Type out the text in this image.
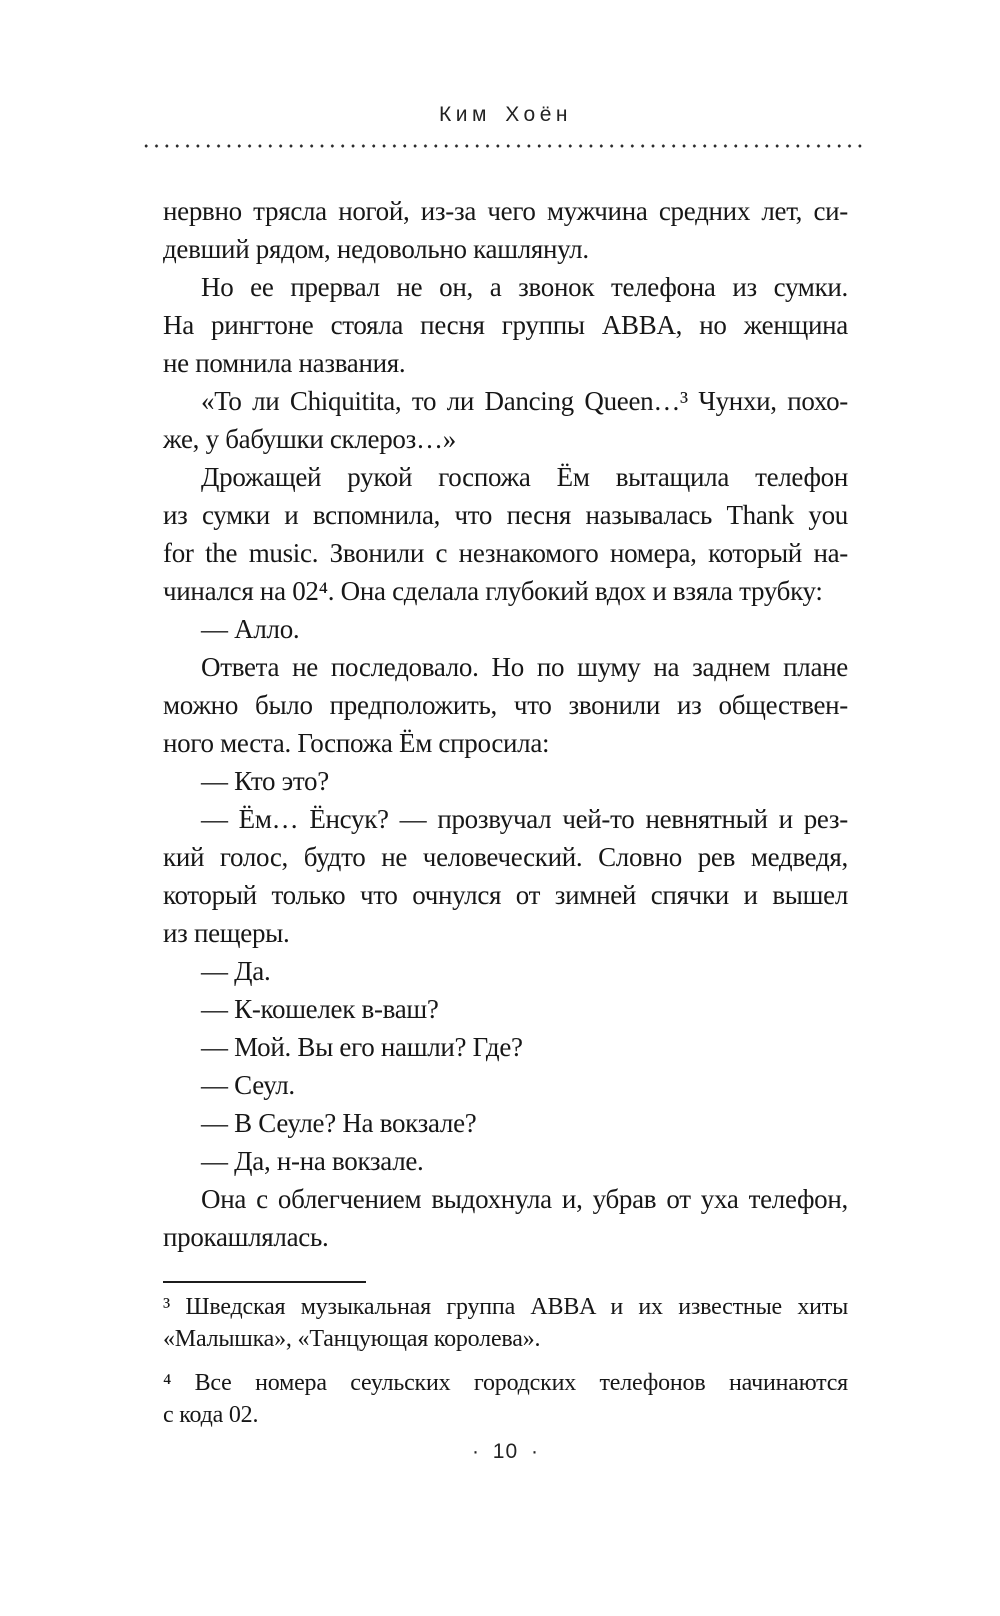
Ким Хоён
нервно трясла ногой, из-за чего мужчина средних лет, си-
девший рядом, недовольно кашлянул.
Но ее прервал не он, а звонок телефона из сумки.
На рингтоне стояла песня группы ABBA, но женщина
не помнила названия.
«То ли Chiquitita, то ли Dancing Queen…³ Чунхи, похо-
же, у бабушки склероз…»
Дрожащей рукой госпожа Ём вытащила телефон
из сумки и вспомнила, что песня называлась Thank you
for the music. Звонили с незнакомого номера, который на-
чинался на 02⁴. Она сделала глубокий вдох и взяла трубку:
— Алло.
Ответа не последовало. Но по шуму на заднем плане
можно было предположить, что звонили из обществен-
ного места. Госпожа Ём спросила:
— Кто это?
— Ём… Ёнсук? — прозвучал чей-то невнятный и рез-
кий голос, будто не человеческий. Словно рев медведя,
который только что очнулся от зимней спячки и вышел
из пещеры.
— Да.
— К-кошелек в-ваш?
— Мой. Вы его нашли? Где?
— Сеул.
— В Сеуле? На вокзале?
— Да, н-на вокзале.
Она с облегчением выдохнула и, убрав от уха телефон,
прокашлялась.
³ Шведская музыкальная группа ABBA и их известные хиты
«Малышка», «Танцующая королева».
⁴ Все номера сеульских городских телефонов начинаются
с кода 02.
· 10 ·
